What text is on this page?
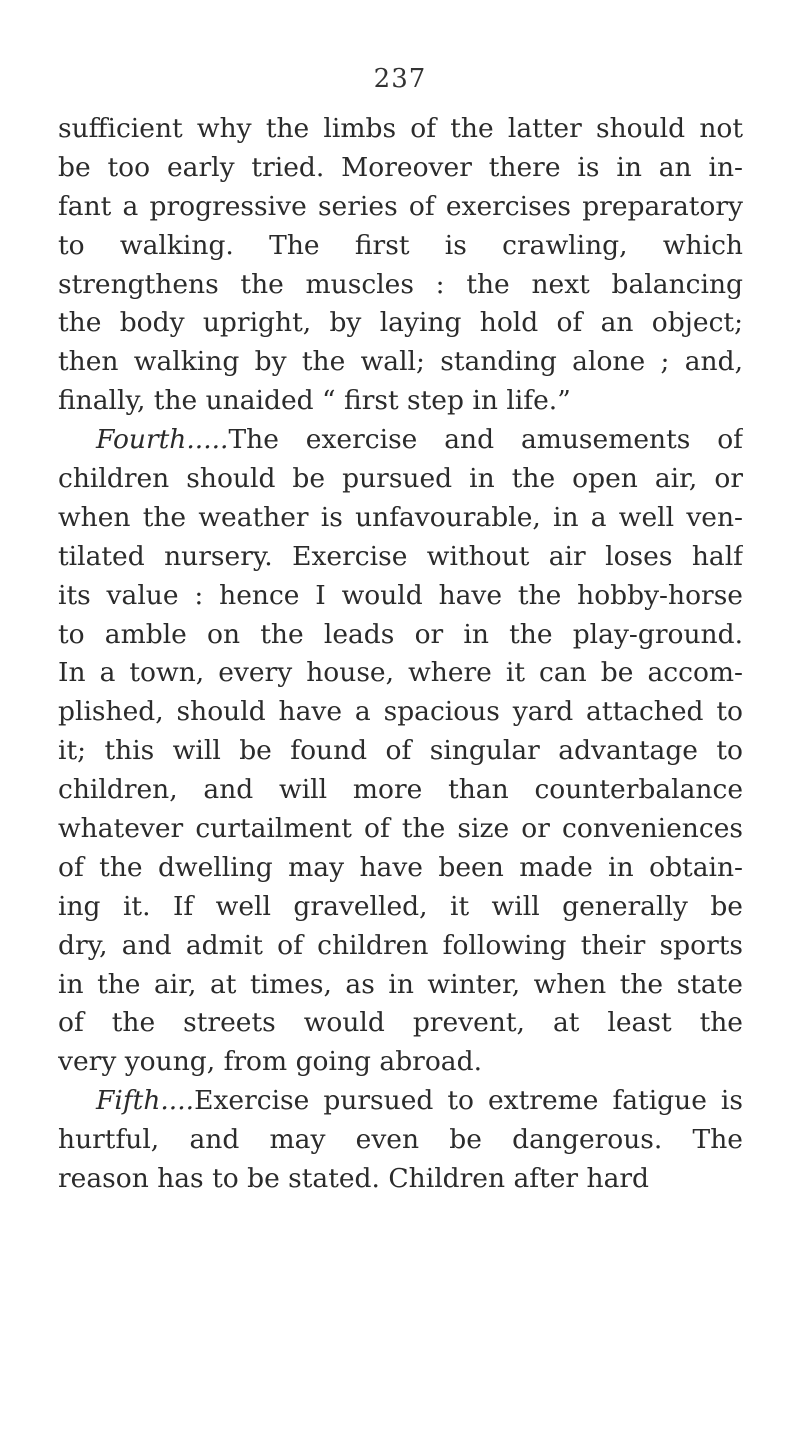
237
sufficient why the limbs of the latter should not
be too early tried. Moreover there is in an in-
fant a progressive series of exercises preparatory
to walking. The first is crawling, which
strengthens the muscles : the next balancing
the body upright, by laying hold of an object;
then walking by the wall; standing alone ; and,
finally, the unaided “ first step in life.”
Fourth.....The exercise and amusements of
children should be pursued in the open air, or
when the weather is unfavourable, in a well ven-
tilated nursery. Exercise without air loses half
its value : hence I would have the hobby-horse
to amble on the leads or in the play-ground.
In a town, every house, where it can be accom-
plished, should have a spacious yard attached to
it; this will be found of singular advantage to
children, and will more than counterbalance
whatever curtailment of the size or conveniences
of the dwelling may have been made in obtain-
ing it. If well gravelled, it will generally be
dry, and admit of children following their sports
in the air, at times, as in winter, when the state
of the streets would prevent, at least the
very young, from going abroad.
Fifth....Exercise pursued to extreme fatigue is
hurtful, and may even be dangerous. The
reason has to be stated. Children after hard
